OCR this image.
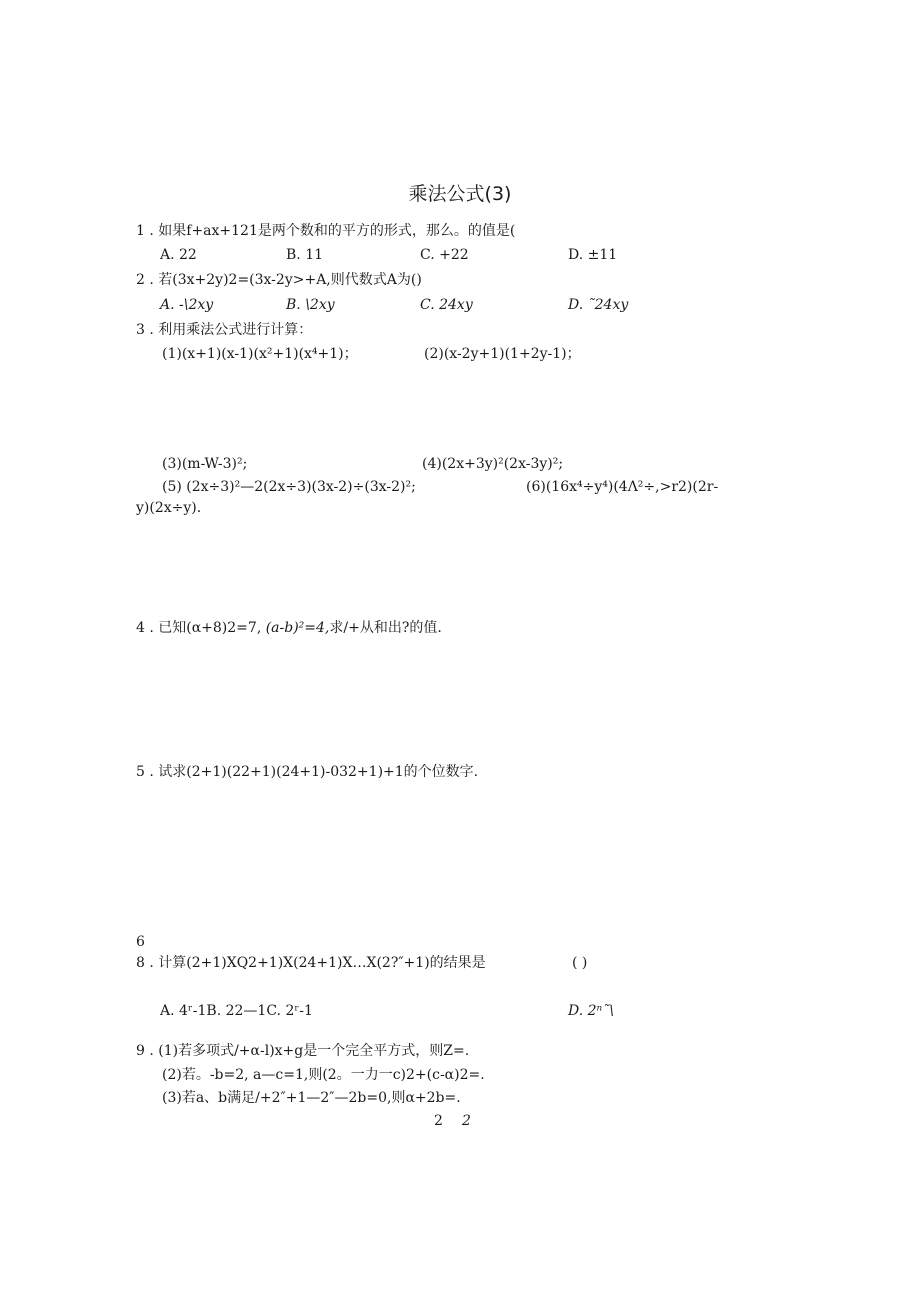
乘法公式(3)
1 . 如果f+ax+121是两个数和的平方的形式，那么。的值是(
A. 22	B. 11	C. +22	D. ±11
2 . 若(3x+2y)2=(3x-2y>+A,则代数式A为()
A. -\2xy	B. \2xy	C. 24xy	D. ˜24xy
3 . 利用乘法公式进行计算：
(1)(x+1)(x-1)(x²+1)(x⁴+1)；	(2)(x-2y+1)(1+2y-1)；
(3)(m-W-3)²;	(4)(2x+3y)²(2x-3y)²;
(5) (2x÷3)²—2(2x÷3)(3x-2)÷(3x-2)²;	(6)(16x⁴÷y⁴)(4Λ²÷,>r2)(2r-
y)(2x÷y).
4 . 已知(α+8)2=7, (a-b)²=4,求/+从和出?的值.
5 . 试求(2+1)(22+1)(24+1)-032+1)+1的个位数字.
6
8 . 计算(2+1)XQ2+1)X(24+1)X…X(2?″+1)的结果是	( )
A. 4ʳ-1B. 22—1C. 2ʳ-1	D. 2ⁿ˜\
9 . (1)若多项式/+α-l)x+g是一个完全平方式，则Z=.
(2)若。-b=2, a—c=1,则(2。一力一c)2+(c-α)2=.
(3)若a、b满足/+2″+1—2″—2b=0,则α+2b=.
2 2
